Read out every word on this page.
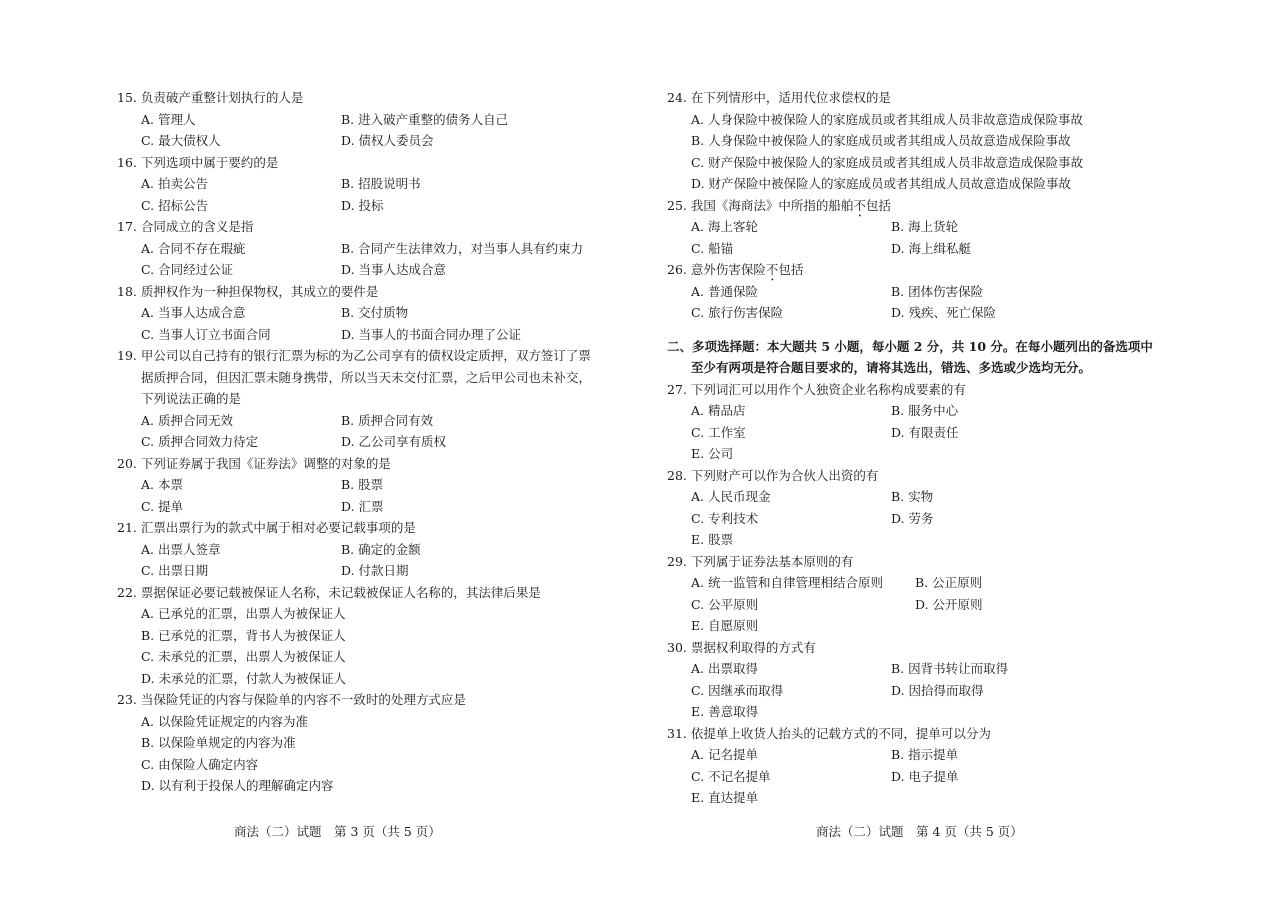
15. 负责破产重整计划执行的人是
A. 管理人	B. 进入破产重整的债务人自己
C. 最大债权人	D. 债权人委员会
16. 下列选项中属于要约的是
A. 拍卖公告	B. 招股说明书
C. 招标公告	D. 投标
17. 合同成立的含义是指
A. 合同不存在瑕疵	B. 合同产生法律效力，对当事人具有约束力
C. 合同经过公证	D. 当事人达成合意
18. 质押权作为一种担保物权，其成立的要件是
A. 当事人达成合意	B. 交付质物
C. 当事人订立书面合同	D. 当事人的书面合同办理了公证
19. 甲公司以自己持有的银行汇票为标的为乙公司享有的债权设定质押，双方签订了票
据质押合同，但因汇票未随身携带，所以当天未交付汇票，之后甲公司也未补交，
下列说法正确的是
A. 质押合同无效	B. 质押合同有效
C. 质押合同效力待定	D. 乙公司享有质权
20. 下列证券属于我国《证券法》调整的对象的是
A. 本票	B. 股票
C. 提单	D. 汇票
21. 汇票出票行为的款式中属于相对必要记载事项的是
A. 出票人签章	B. 确定的金额
C. 出票日期	D. 付款日期
22. 票据保证必要记载被保证人名称，未记载被保证人名称的，其法律后果是
A. 已承兑的汇票，出票人为被保证人
B. 已承兑的汇票，背书人为被保证人
C. 未承兑的汇票，出票人为被保证人
D. 未承兑的汇票，付款人为被保证人
23. 当保险凭证的内容与保险单的内容不一致时的处理方式应是
A. 以保险凭证规定的内容为准
B. 以保险单规定的内容为准
C. 由保险人确定内容
D. 以有利于投保人的理解确定内容
商法（二）试题　第 3 页（共 5 页）
24. 在下列情形中，适用代位求偿权的是
A. 人身保险中被保险人的家庭成员或者其组成人员非故意造成保险事故
B. 人身保险中被保险人的家庭成员或者其组成人员故意造成保险事故
C. 财产保险中被保险人的家庭成员或者其组成人员非故意造成保险事故
D. 财产保险中被保险人的家庭成员或者其组成人员故意造成保险事故
25. 我国《海商法》中所指的船舶不包括
A. 海上客轮	B. 海上货轮
C. 船锚	D. 海上缉私艇
26. 意外伤害保险不包括
A. 普通保险	B. 团体伤害保险
C. 旅行伤害保险	D. 残疾、死亡保险
二、多项选择题：本大题共 5 小题，每小题 2 分，共 10 分。在每小题列出的备选项中
至少有两项是符合题目要求的，请将其选出，错选、多选或少选均无分。
27. 下列词汇可以用作个人独资企业名称构成要素的有
A. 精品店	B. 服务中心
C. 工作室	D. 有限责任
E. 公司
28. 下列财产可以作为合伙人出资的有
A. 人民币现金	B. 实物
C. 专利技术	D. 劳务
E. 股票
29. 下列属于证券法基本原则的有
A. 统一监管和自律管理相结合原则	B. 公正原则
C. 公平原则	D. 公开原则
E. 自愿原则
30. 票据权利取得的方式有
A. 出票取得	B. 因背书转让而取得
C. 因继承而取得	D. 因拾得而取得
E. 善意取得
31. 依提单上收货人抬头的记载方式的不同，提单可以分为
A. 记名提单	B. 指示提单
C. 不记名提单	D. 电子提单
E. 直达提单
商法（二）试题　第 4 页（共 5 页）
